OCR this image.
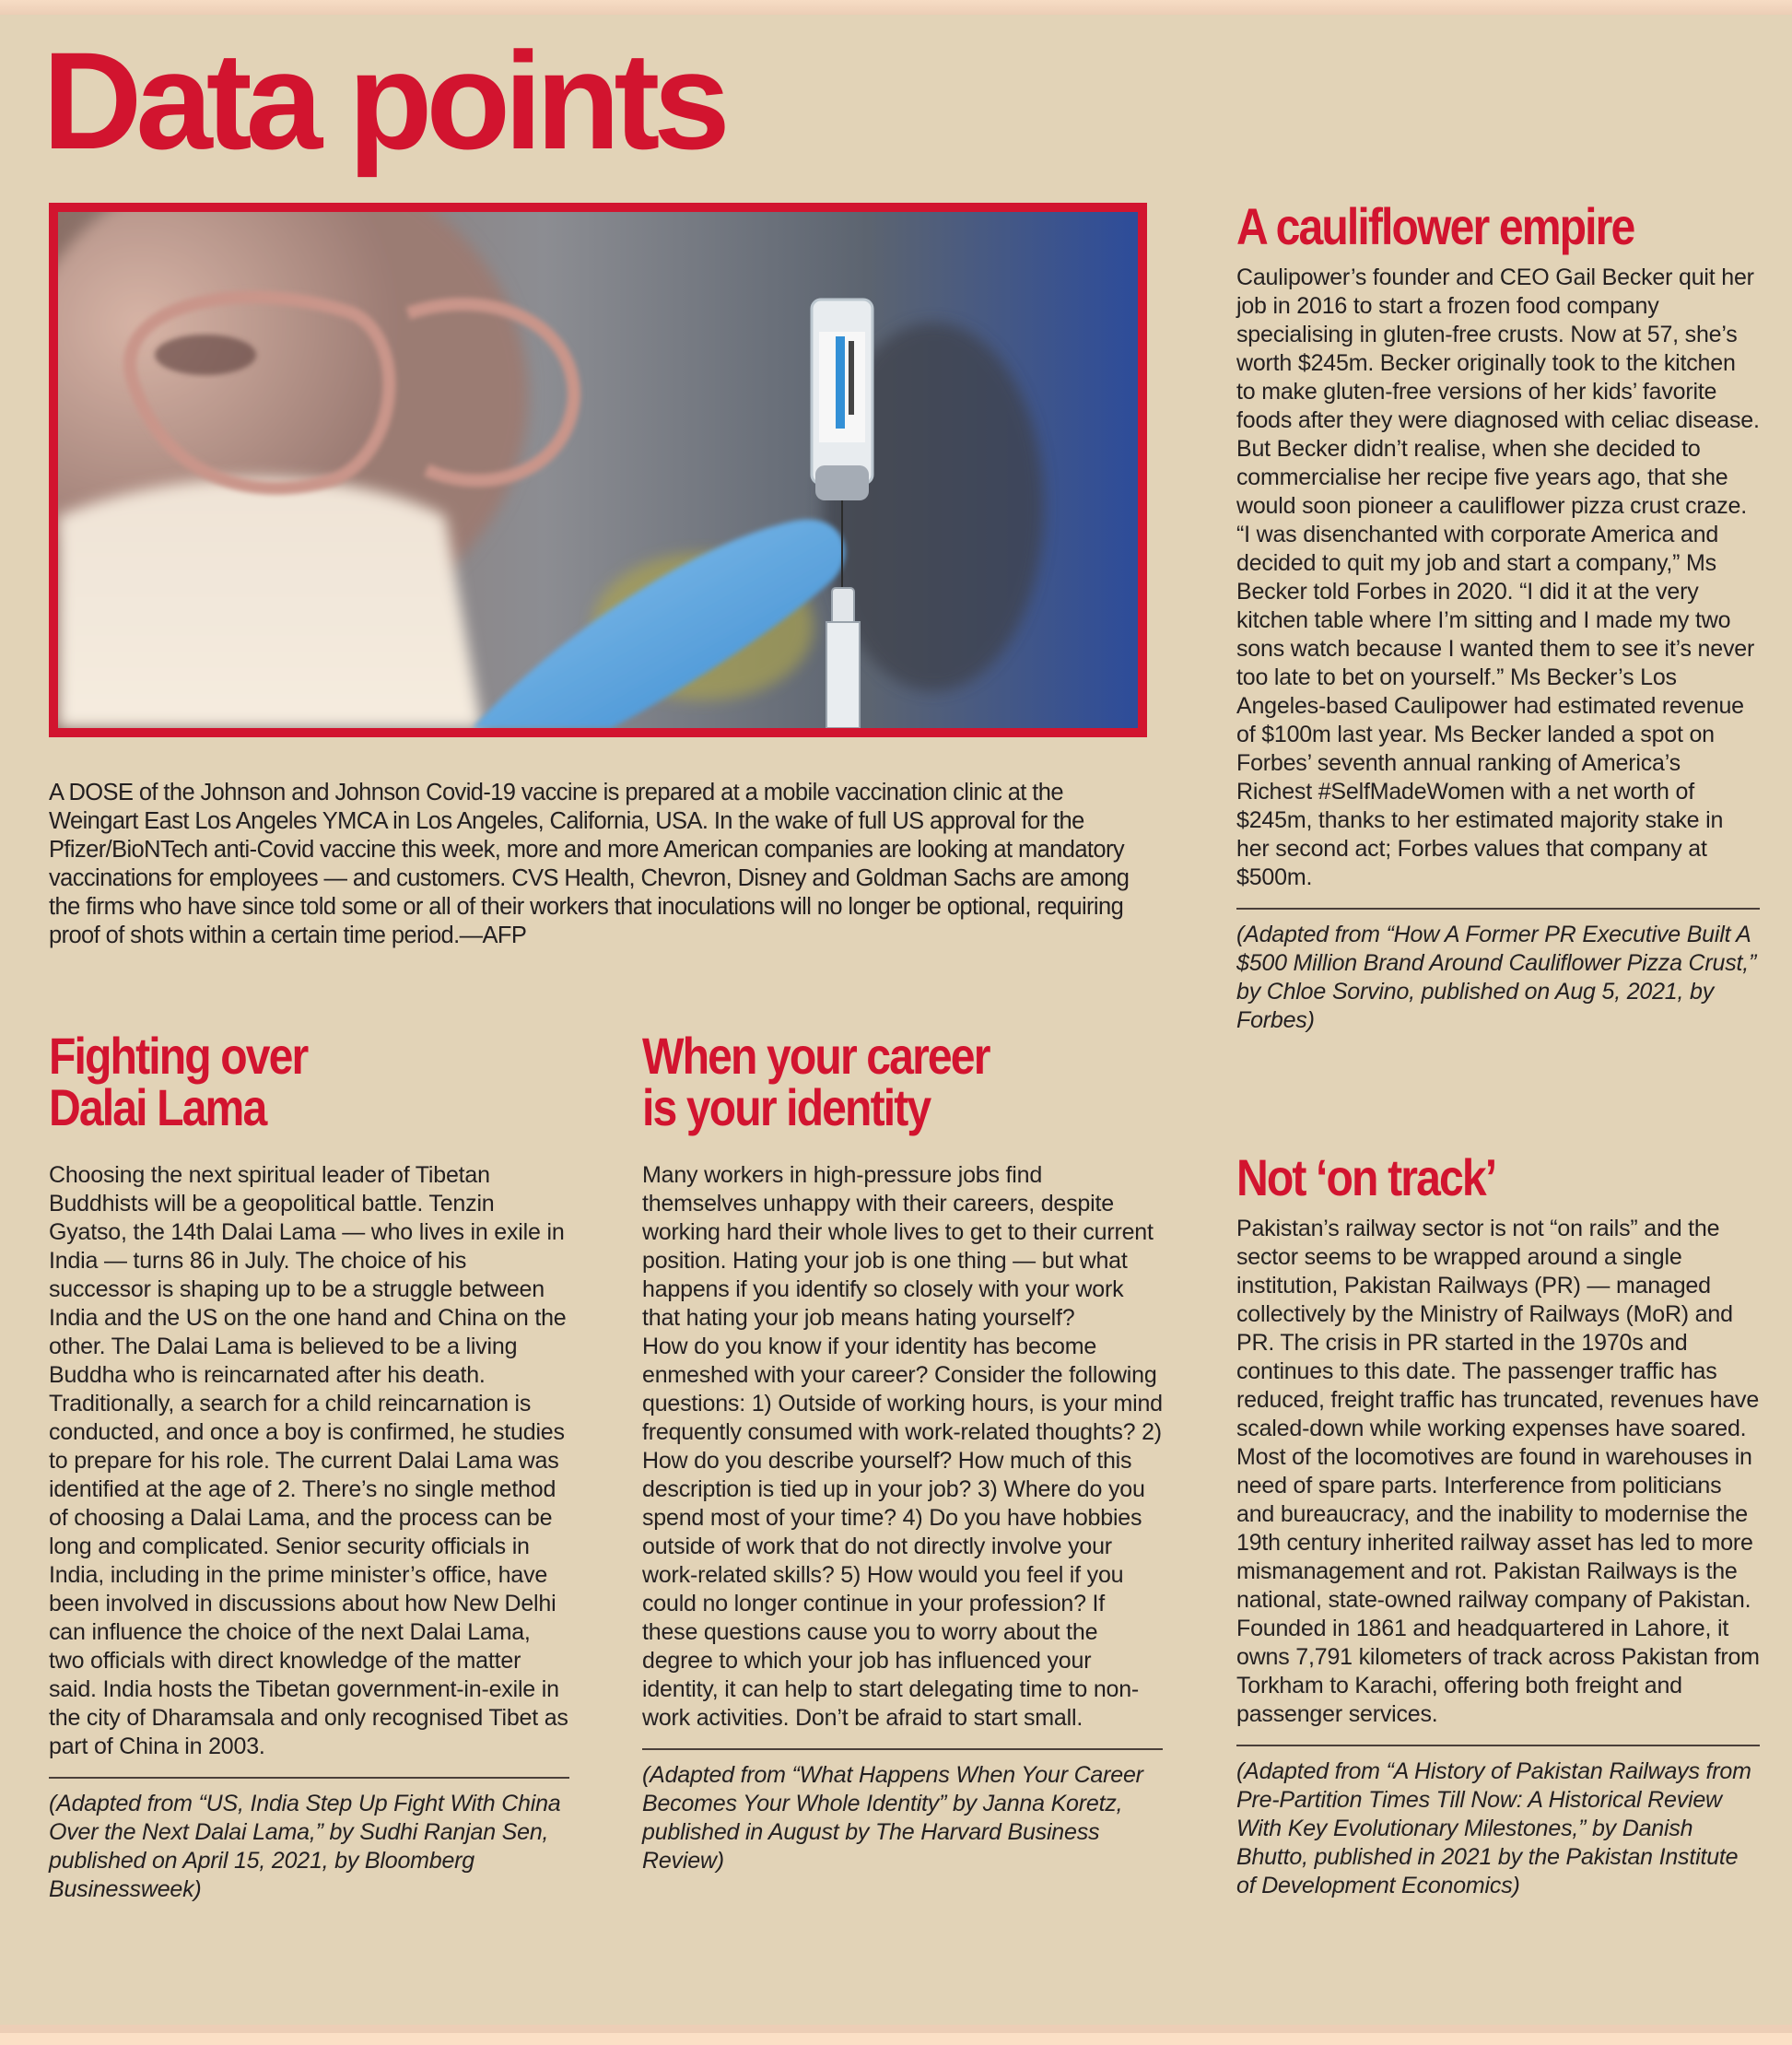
Data points

A DOSE of the Johnson and Johnson Covid-19 vaccine is prepared at a mobile vaccination clinic at the Weingart East Los Angeles YMCA in Los Angeles, California, USA. In the wake of full US approval for the Pfizer/BioNTech anti-Covid vaccine this week, more and more American companies are looking at mandatory vaccinations for employees — and customers. CVS Health, Chevron, Disney and Goldman Sachs are among the firms who have since told some or all of their workers that inoculations will no longer be optional, requiring proof of shots within a certain time period.—AFP

Fighting over
Dalai Lama

Choosing the next spiritual leader of Tibetan Buddhists will be a geopolitical battle. Tenzin Gyatso, the 14th Dalai Lama — who lives in exile in India — turns 86 in July. The choice of his successor is shaping up to be a struggle between India and the US on the one hand and China on the other. The Dalai Lama is believed to be a living Buddha who is reincarnated after his death. Traditionally, a search for a child reincarnation is conducted, and once a boy is confirmed, he studies to prepare for his role. The current Dalai Lama was identified at the age of 2. There’s no single method of choosing a Dalai Lama, and the process can be long and complicated. Senior security officials in India, including in the prime minister’s office, have been involved in discussions about how New Delhi can influence the choice of the next Dalai Lama, two officials with direct knowledge of the matter said. India hosts the Tibetan government-in-exile in the city of Dharamsala and only recognised Tibet as part of China in 2003.

(Adapted from “US, India Step Up Fight With China Over the Next Dalai Lama,” by Sudhi Ranjan Sen, published on April 15, 2021, by Bloomberg Businessweek)

When your career
is your identity

Many workers in high-pressure jobs find themselves unhappy with their careers, despite working hard their whole lives to get to their current position. Hating your job is one thing — but what happens if you identify so closely with your work that hating your job means hating yourself?

How do you know if your identity has become enmeshed with your career? Consider the following questions: 1) Outside of working hours, is your mind frequently consumed with work-related thoughts? 2) How do you describe yourself? How much of this description is tied up in your job? 3) Where do you spend most of your time? 4) Do you have hobbies outside of work that do not directly involve your work-related skills? 5) How would you feel if you could no longer continue in your profession? If these questions cause you to worry about the degree to which your job has influenced your identity, it can help to start delegating time to non-work activities. Don’t be afraid to start small.

(Adapted from “What Happens When Your Career Becomes Your Whole Identity” by Janna Koretz, published in August by The Harvard Business Review)

A cauliflower empire

Caulipower’s founder and CEO Gail Becker quit her job in 2016 to start a frozen food company specialising in gluten-free crusts. Now at 57, she’s worth $245m. Becker originally took to the kitchen to make gluten-free versions of her kids’ favorite foods after they were diagnosed with celiac disease. But Becker didn’t realise, when she decided to commercialise her recipe five years ago, that she would soon pioneer a cauliflower pizza crust craze. “I was disenchanted with corporate America and decided to quit my job and start a company,” Ms Becker told Forbes in 2020. “I did it at the very kitchen table where I’m sitting and I made my two sons watch because I wanted them to see it’s never too late to bet on yourself.” Ms Becker’s Los Angeles-based Caulipower had estimated revenue of $100m last year. Ms Becker landed a spot on Forbes’ seventh annual ranking of America’s Richest #SelfMadeWomen with a net worth of $245m, thanks to her estimated majority stake in her second act; Forbes values that company at $500m.

(Adapted from “How A Former PR Executive Built A $500 Million Brand Around Cauliflower Pizza Crust,” by Chloe Sorvino, published on Aug 5, 2021, by Forbes)

Not ‘on track’

Pakistan’s railway sector is not “on rails” and the sector seems to be wrapped around a single institution, Pakistan Railways (PR) — managed collectively by the Ministry of Railways (MoR) and PR. The crisis in PR started in the 1970s and continues to this date. The passenger traffic has reduced, freight traffic has truncated, revenues have scaled-down while working expenses have soared. Most of the locomotives are found in warehouses in need of spare parts. Interference from politicians and bureaucracy, and the inability to modernise the 19th century inherited railway asset has led to more mismanagement and rot. Pakistan Railways is the national, state-owned railway company of Pakistan. Founded in 1861 and headquartered in Lahore, it owns 7,791 kilometers of track across Pakistan from Torkham to Karachi, offering both freight and passenger services.

(Adapted from “A History of Pakistan Railways from Pre-Partition Times Till Now: A Historical Review With Key Evolutionary Milestones,” by Danish Bhutto, published in 2021 by the Pakistan Institute of Development Economics)
